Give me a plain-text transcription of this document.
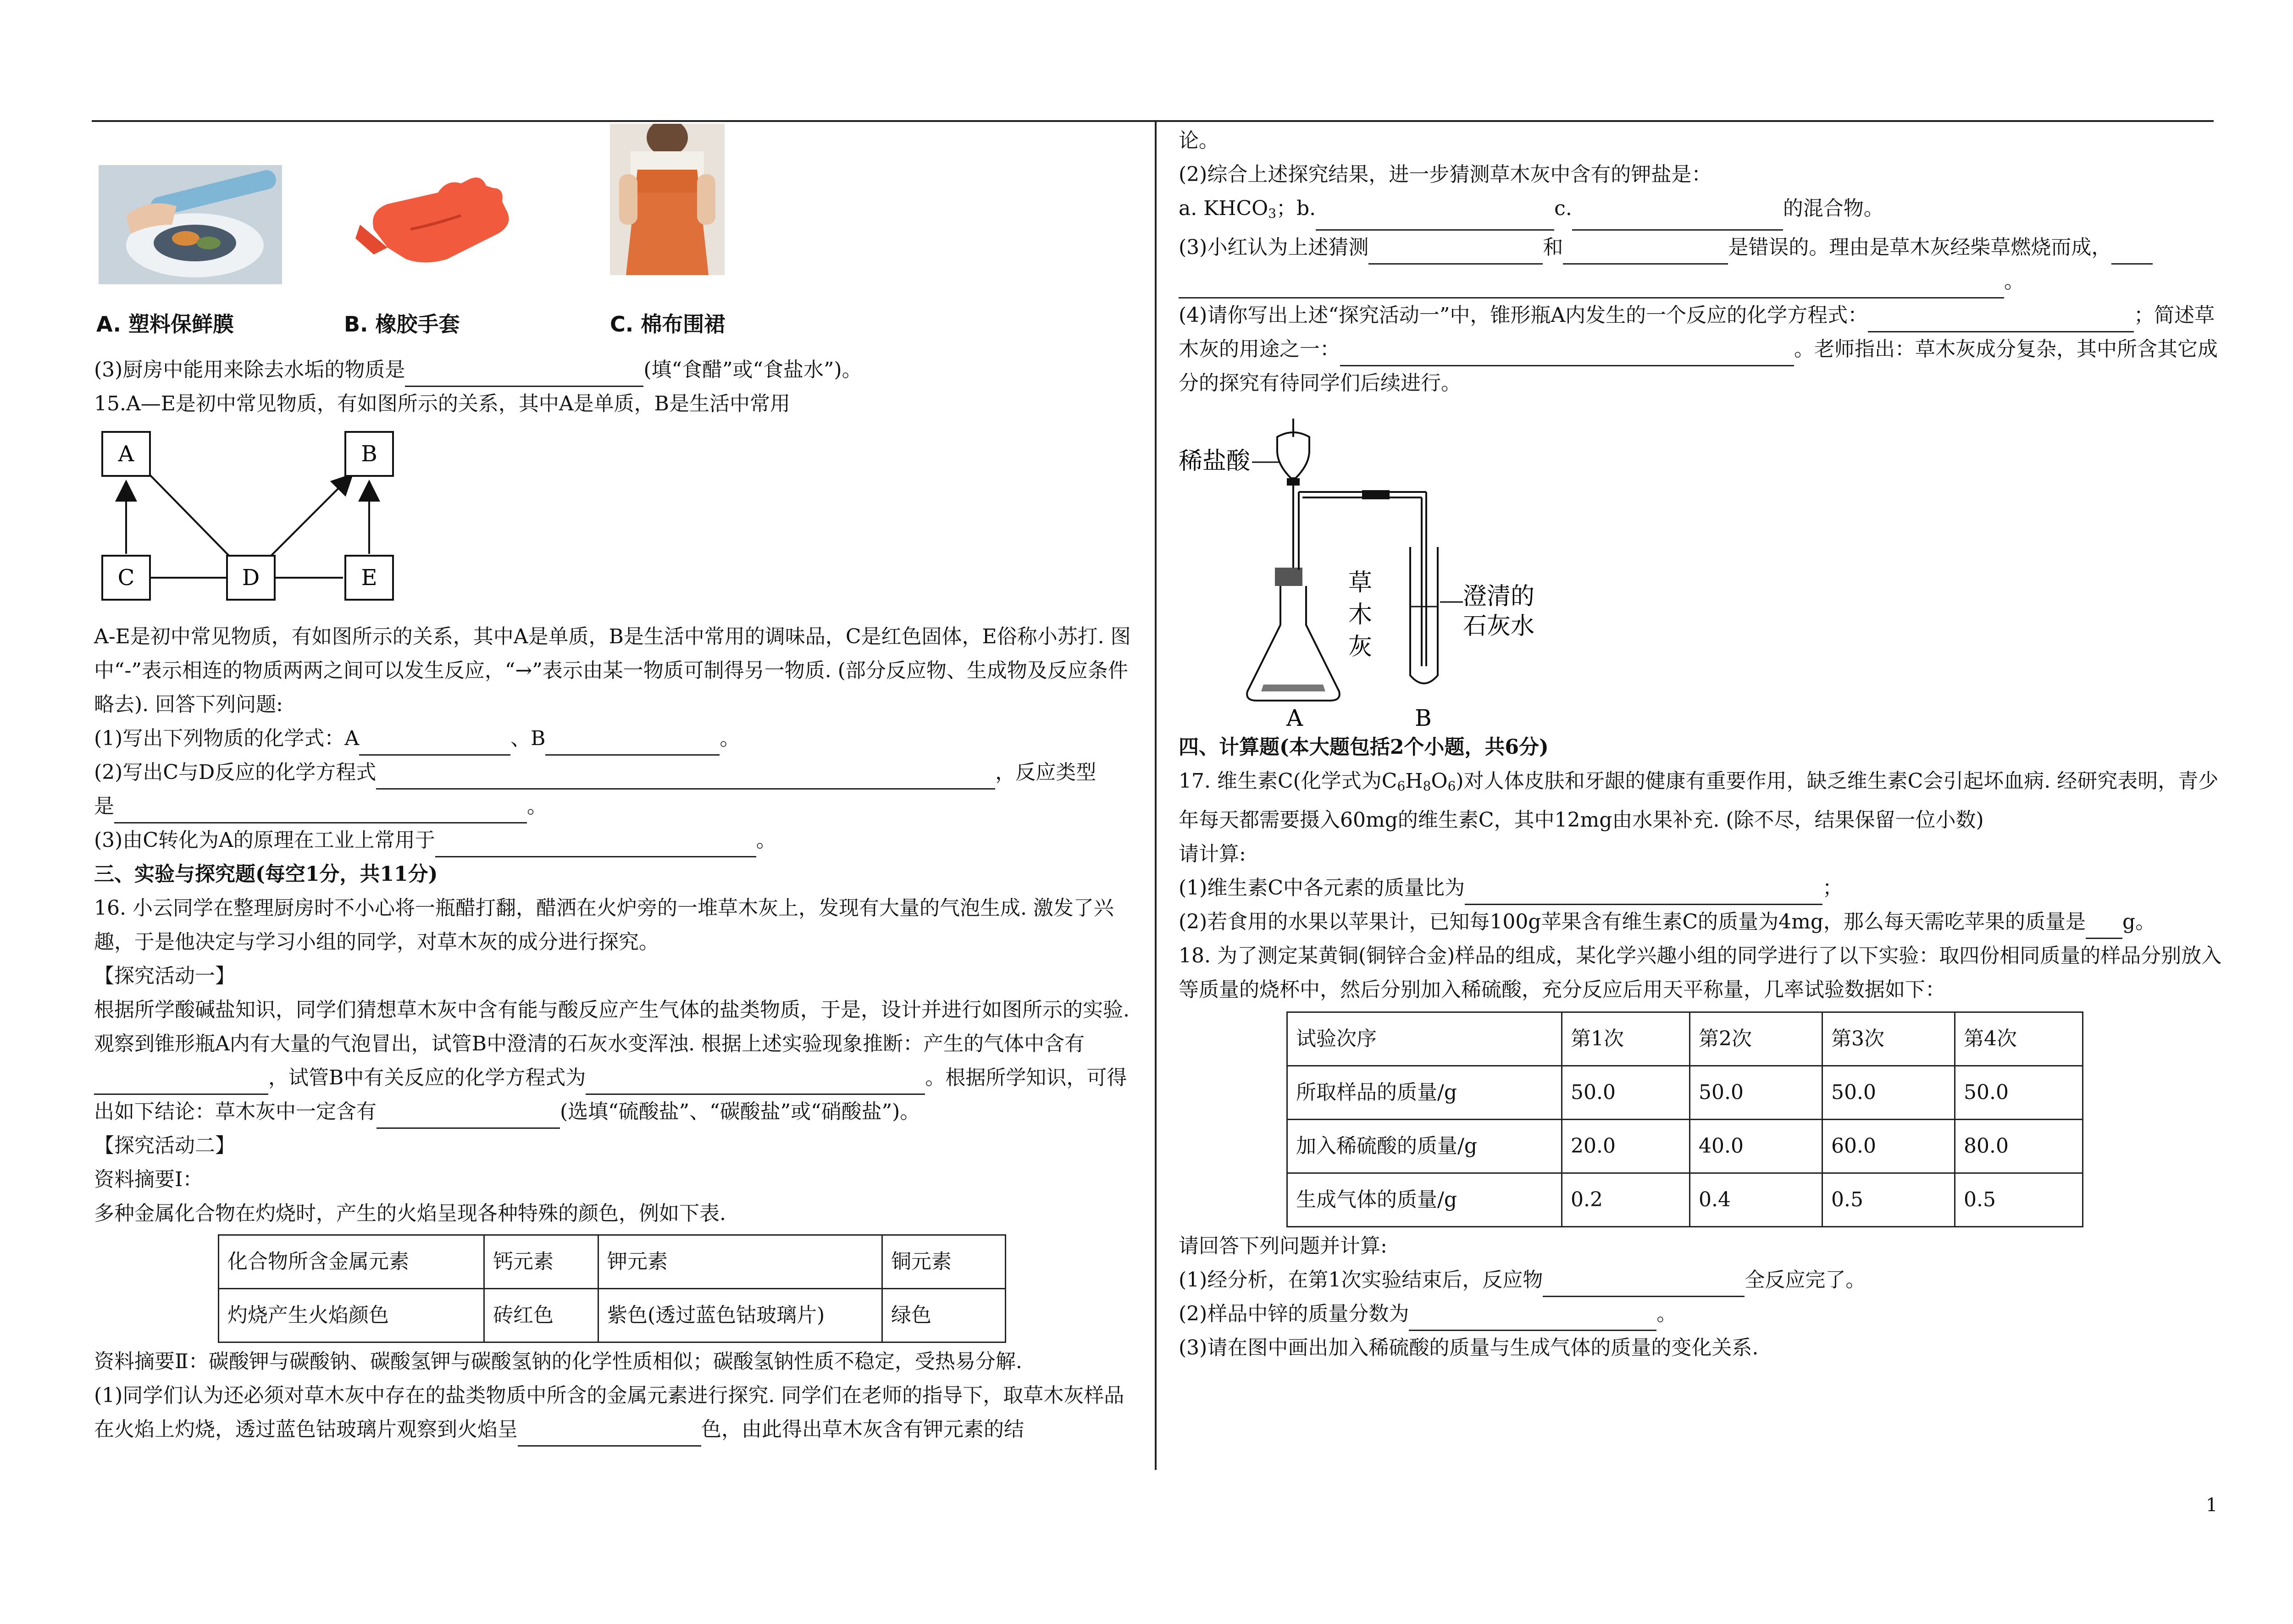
A. 塑料保鲜膜	B. 橡胶手套	C. 棉布围裙

(3)厨房中能用来除去水垢的物质是	(填“食醋”或“食盐水”)。

15.A—E是初中常见物质，有如图所示的关系，其中A是单质，B是生活中常用

A	B
C	D	E

A-E是初中常见物质，有如图所示的关系，其中A是单质，B是生活中常用的调味品，C是红色固体，E俗称小苏打. 图中“-”表示相连的物质两两之间可以发生反应，“→”表示由某一物质可制得另一物质. (部分反应物、生成物及反应条件略去). 回答下列问题:

(1)写出下列物质的化学式：A	、B	。

(2)写出C与D反应的化学方程式	，反应类型

是	。

(3)由C转化为A的原理在工业上常用于	。

三、实验与探究题(每空1分，共11分)

16. 小云同学在整理厨房时不小心将一瓶醋打翻，醋洒在火炉旁的一堆草木灰上，发现有大量的气泡生成. 激发了兴趣，于是他决定与学习小组的同学，对草木灰的成分进行探究。

【探究活动一】

根据所学酸碱盐知识，同学们猜想草木灰中含有能与酸反应产生气体的盐类物质，于是，设计并进行如图所示的实验. 观察到锥形瓶A内有大量的气泡冒出，试管B中澄清的石灰水变浑浊. 根据上述实验现象推断：产生的气体中含有，试管B中有关反应的化学方程式为	。根据所学知识，可得出如下结论：草木灰中一定含有	(选填“硫酸盐”、“碳酸盐”或“硝酸盐”)。

【探究活动二】

资料摘要Ⅰ：

多种金属化合物在灼烧时，产生的火焰呈现各种特殊的颜色，例如下表.

化合物所含金属元素	钙元素	钾元素	铜元素
灼烧产生火焰颜色	砖红色	紫色(透过蓝色钴玻璃片)	绿色

资料摘要Ⅱ：碳酸钾与碳酸钠、碳酸氢钾与碳酸氢钠的化学性质相似；碳酸氢钠性质不稳定，受热易分解.

(1)同学们认为还必须对草木灰中存在的盐类物质中所含的金属元素进行探究. 同学们在老师的指导下，取草木灰样品在火焰上灼烧，透过蓝色钴玻璃片观察到火焰呈	色，由此得出草木灰含有钾元素的结

论。

(2)综合上述探究结果，进一步猜测草木灰中含有的钾盐是：

a. $KHCO_3$；b.	c.	的混合物。

(3)小红认为上述猜测	和	是错误的。理由是草木灰经柴草燃烧而成，

。

(4)请你写出上述“探究活动一”中，锥形瓶A内发生的一个反应的化学方程式：	；简述草木灰的用途之一：	。老师指出：草木灰成分复杂，其中所含其它成分的探究有待同学们后续进行。

稀盐酸
草
木
灰
澄清的
石灰水
A	B

四、计算题(本大题包括2个小题，共6分)

17. 维生素C(化学式为$C_6H_8O_6$)对人体皮肤和牙龈的健康有重要作用，缺乏维生素C会引起坏血病. 经研究表明，青少年每天都需要摄入60mg的维生素C，其中12mg由水果补充. (除不尽，结果保留一位小数)

请计算:

(1)维生素C中各元素的质量比为	；

(2)若食用的水果以苹果计，已知每100g苹果含有维生素C的质量为4mg，那么每天需吃苹果的质量是 g。

18. 为了测定某黄铜(铜锌合金)样品的组成，某化学兴趣小组的同学进行了以下实验：取四份相同质量的样品分别放入等质量的烧杯中，然后分别加入稀硫酸，充分反应后用天平称量，几率试验数据如下：

试验次序	第1次	第2次	第3次	第4次
所取样品的质量/g	50.0	50.0	50.0	50.0
加入稀硫酸的质量/g	20.0	40.0	60.0	80.0
生成气体的质量/g	0.2	0.4	0.5	0.5

请回答下列问题并计算:

(1)经分析，在第1次实验结束后，反应物	全反应完了。

(2)样品中锌的质量分数为	。

(3)请在图中画出加入稀硫酸的质量与生成气体的质量的变化关系.

1
